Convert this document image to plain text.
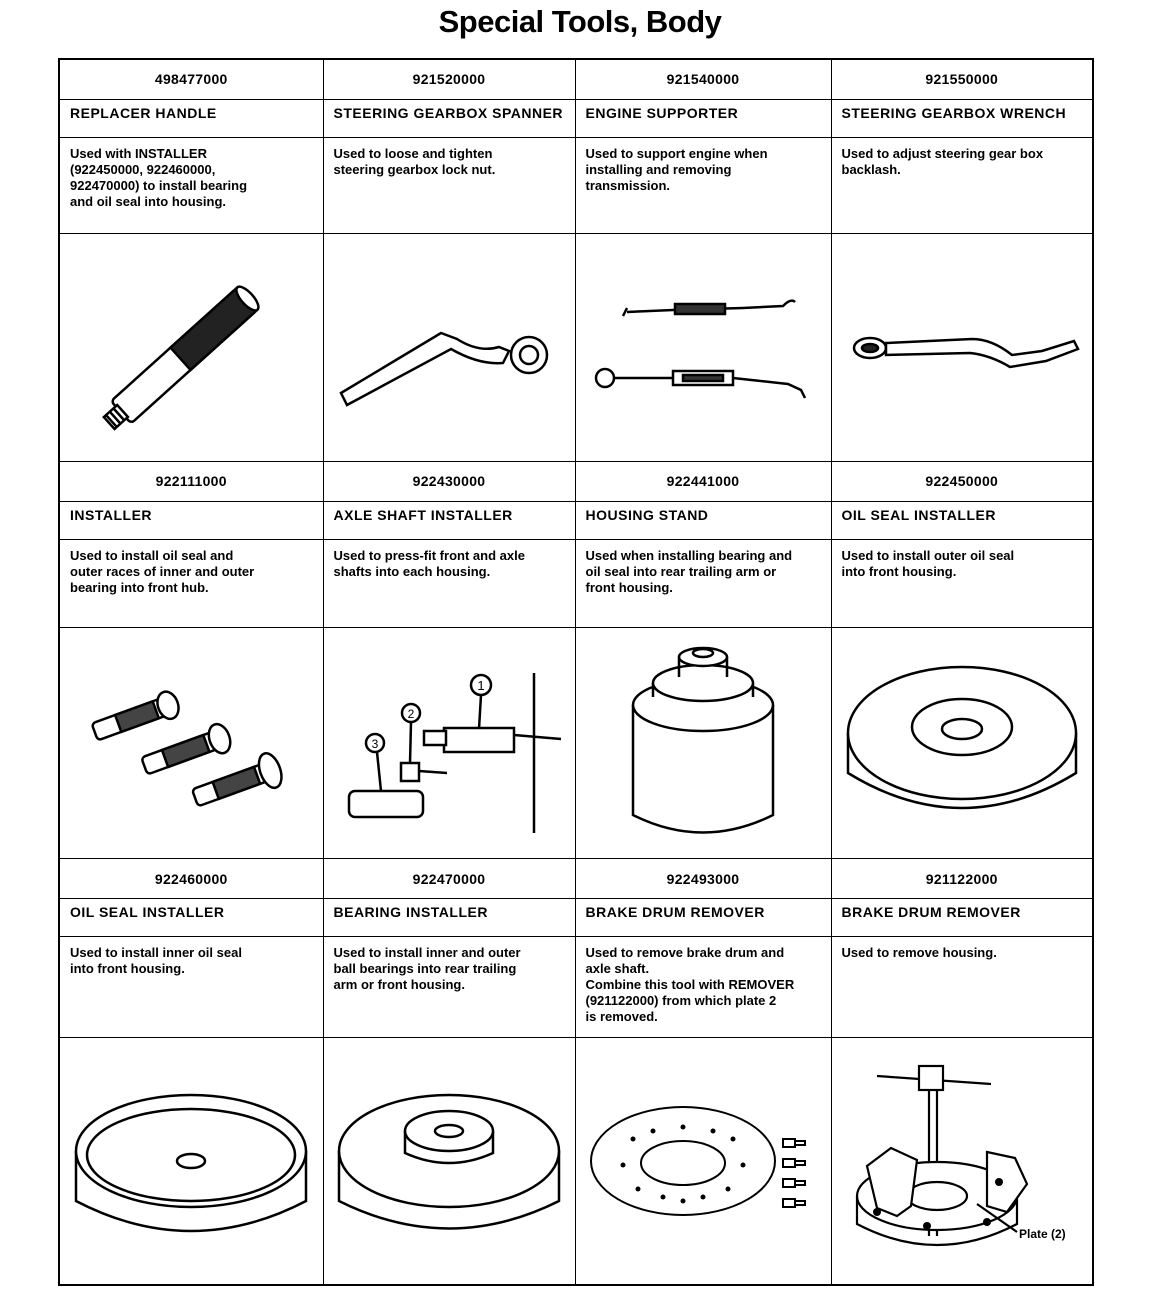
Special Tools, Body
498477000	921520000	921540000	921550000
REPLACER HANDLE	STEERING GEARBOX SPANNER	ENGINE SUPPORTER	STEERING GEARBOX WRENCH

Used with INSTALLER
(922450000, 922460000,
922470000) to install bearing
and oil seal into housing.	Used to loose and tighten
steering gearbox lock nut.	Used to support engine when
installing and removing
transmission.	Used to adjust steering gear box
backlash.

922111000	922430000	922441000	922450000
INSTALLER	AXLE SHAFT INSTALLER	HOUSING STAND	OIL SEAL INSTALLER

Used to install oil seal and
outer races of inner and outer
bearing into front hub.	Used to press-fit front and axle
shafts into each housing.	Used when installing bearing and
oil seal into rear trailing arm or
front housing.	Used to install outer oil seal
into front housing.

1
2
3

922460000	922470000	922493000	921122000
OIL SEAL INSTALLER	BEARING INSTALLER	BRAKE DRUM REMOVER	BRAKE DRUM REMOVER

Used to install inner oil seal
into front housing.	Used to install inner and outer
ball bearings into rear trailing
arm or front housing.	Used to remove brake drum and
axle shaft.
Combine this tool with REMOVER
(921122000) from which plate 2
is removed.	Used to remove housing.

Plate (2)
